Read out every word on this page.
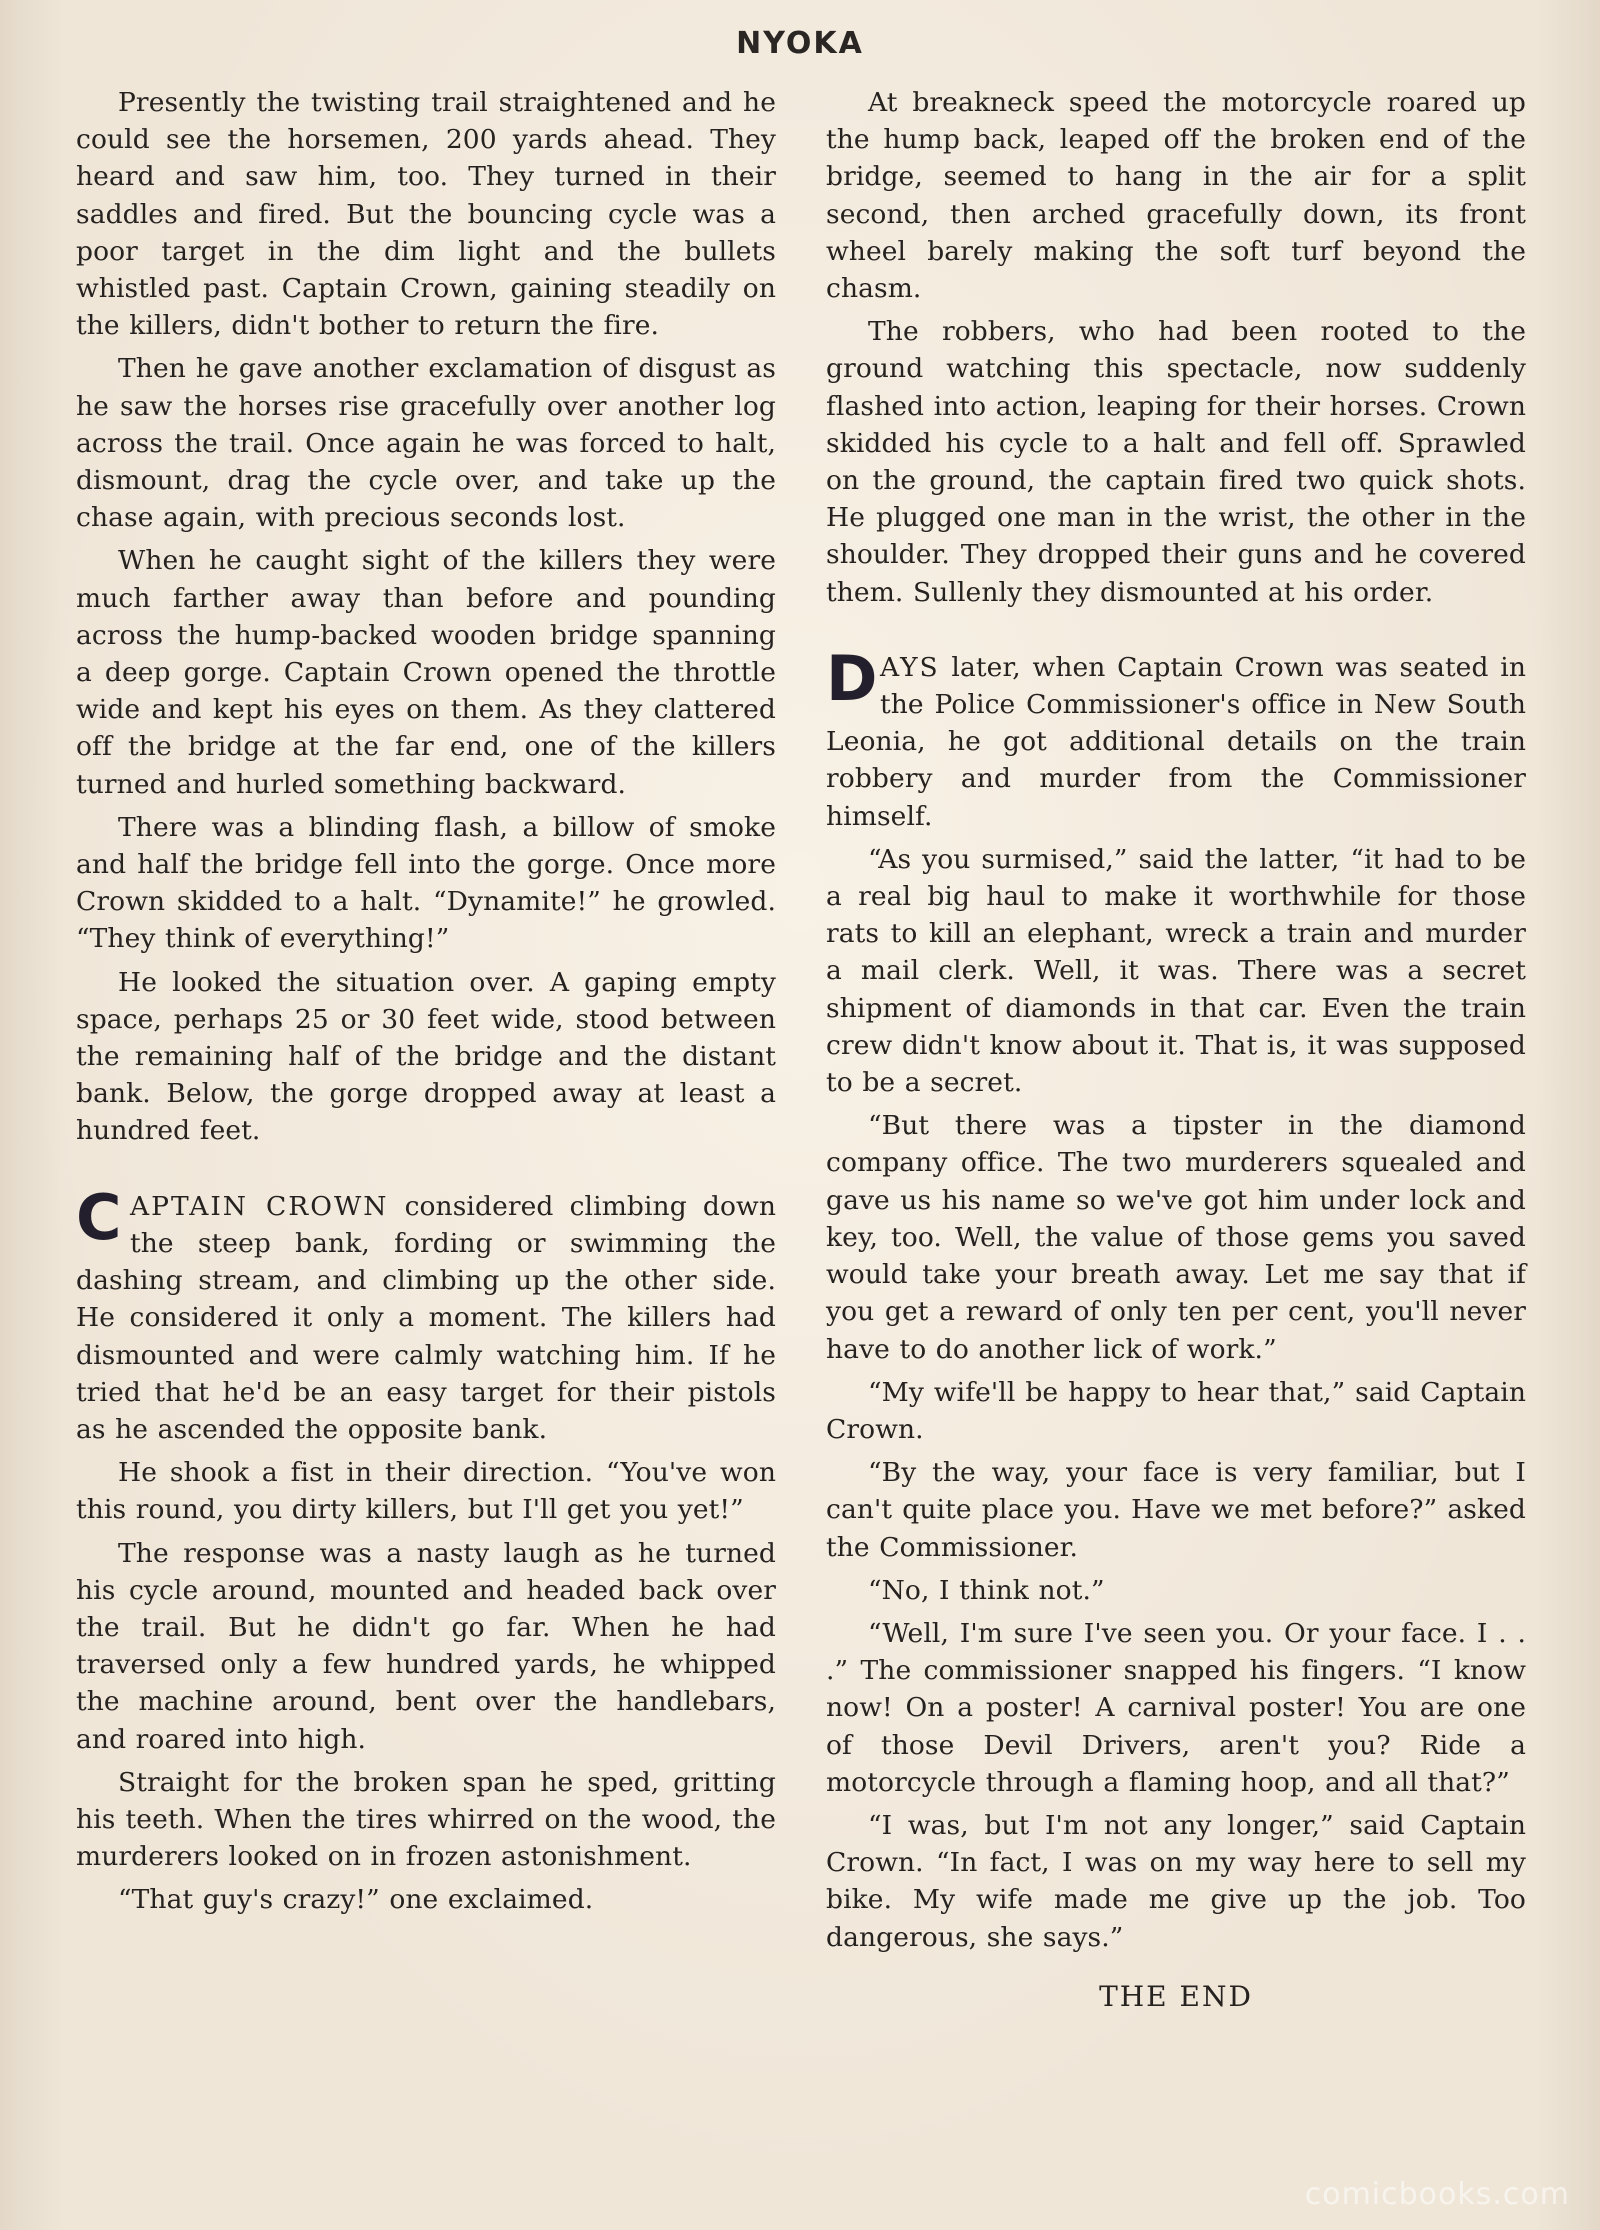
NYOKA

Presently the twisting trail straightened and he could see the horsemen, 200 yards ahead. They heard and saw him, too. They turned in their saddles and fired. But the bouncing cycle was a poor target in the dim light and the bullets whistled past. Captain Crown, gaining steadily on the killers, didn't bother to return the fire.

Then he gave another exclamation of disgust as he saw the horses rise gracefully over another log across the trail. Once again he was forced to halt, dismount, drag the cycle over, and take up the chase again, with precious seconds lost.

When he caught sight of the killers they were much farther away than before and pounding across the hump-backed wooden bridge spanning a deep gorge. Captain Crown opened the throttle wide and kept his eyes on them. As they clattered off the bridge at the far end, one of the killers turned and hurled something backward.

There was a blinding flash, a billow of smoke and half the bridge fell into the gorge. Once more Crown skidded to a halt. “Dynamite!” he growled. “They think of everything!”

He looked the situation over. A gaping empty space, perhaps 25 or 30 feet wide, stood between the remaining half of the bridge and the distant bank. Below, the gorge dropped away at least a hundred feet.

CAPTAIN CROWN considered climbing down the steep bank, fording or swimming the dashing stream, and climbing up the other side. He considered it only a moment. The killers had dismounted and were calmly watching him. If he tried that he'd be an easy target for their pistols as he ascended the opposite bank.

He shook a fist in their direction. “You've won this round, you dirty killers, but I'll get you yet!”

The response was a nasty laugh as he turned his cycle around, mounted and headed back over the trail. But he didn't go far. When he had traversed only a few hundred yards, he whipped the machine around, bent over the handlebars, and roared into high.

Straight for the broken span he sped, gritting his teeth. When the tires whirred on the wood, the murderers looked on in frozen astonishment.

“That guy's crazy!” one exclaimed.

At breakneck speed the motorcycle roared up the hump back, leaped off the broken end of the bridge, seemed to hang in the air for a split second, then arched gracefully down, its front wheel barely making the soft turf beyond the chasm.

The robbers, who had been rooted to the ground watching this spectacle, now suddenly flashed into action, leaping for their horses. Crown skidded his cycle to a halt and fell off. Sprawled on the ground, the captain fired two quick shots. He plugged one man in the wrist, the other in the shoulder. They dropped their guns and he covered them. Sullenly they dismounted at his order.

DAYS later, when Captain Crown was seated in the Police Commissioner's office in New South Leonia, he got additional details on the train robbery and murder from the Commissioner himself.

“As you surmised,” said the latter, “it had to be a real big haul to make it worthwhile for those rats to kill an elephant, wreck a train and murder a mail clerk. Well, it was. There was a secret shipment of diamonds in that car. Even the train crew didn't know about it. That is, it was supposed to be a secret.

“But there was a tipster in the diamond company office. The two murderers squealed and gave us his name so we've got him under lock and key, too. Well, the value of those gems you saved would take your breath away. Let me say that if you get a reward of only ten per cent, you'll never have to do another lick of work.”

“My wife'll be happy to hear that,” said Captain Crown.

“By the way, your face is very familiar, but I can't quite place you. Have we met before?” asked the Commissioner.

“No, I think not.”

“Well, I'm sure I've seen you. Or your face. I . . .” The commissioner snapped his fingers. “I know now! On a poster! A carnival poster! You are one of those Devil Drivers, aren't you? Ride a motorcycle through a flaming hoop, and all that?”

“I was, but I'm not any longer,” said Captain Crown. “In fact, I was on my way here to sell my bike. My wife made me give up the job. Too dangerous, she says.”

THE END
comicbooks.com
